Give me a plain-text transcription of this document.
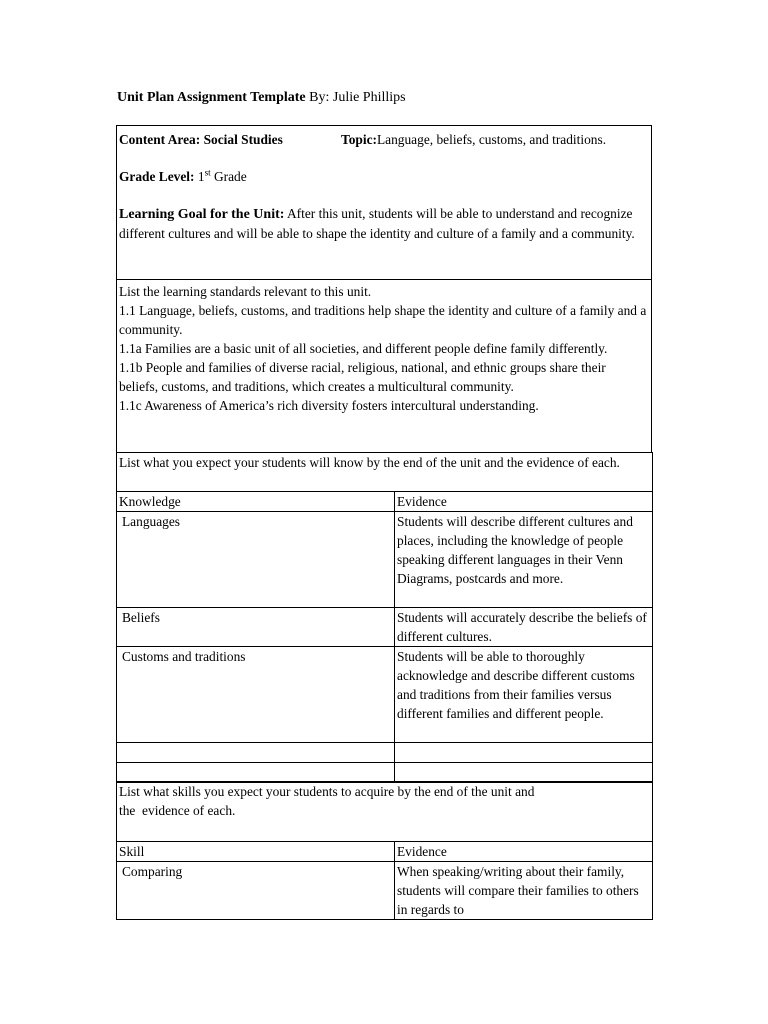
Unit Plan Assignment Template By: Julie Phillips
Content Area: Social Studies	Topic:Language, beliefs, customs, and traditions.
Grade Level: 1st Grade
Learning Goal for the Unit: After this unit, students will be able to understand and recognize different cultures and will be able to shape the identity and culture of a family and a community.
List the learning standards relevant to this unit.
1.1 Language, beliefs, customs, and traditions help shape the identity and culture of a family and a community.
1.1a Families are a basic unit of all societies, and different people define family differently.
1.1b People and families of diverse racial, religious, national, and ethnic groups share their beliefs, customs, and traditions, which creates a multicultural community.
1.1c Awareness of America’s rich diversity fosters intercultural understanding.
List what you expect your students will know by the end of the unit and the evidence of each.	
Knowledge	Evidence
Languages	Students will describe different cultures and places, including the knowledge of people speaking different languages in their Venn Diagrams, postcards and more.
Beliefs	Students will accurately describe the beliefs of different cultures.
Customs and traditions	Students will be able to thoroughly acknowledge and describe different customs and traditions from their families versus different families and different people.

List what skills you expect your students to acquire by the end of the unit and
the  evidence of each.	

Skill	Evidence
Comparing	When speaking/writing about their family, students will compare their families to others in regards to
